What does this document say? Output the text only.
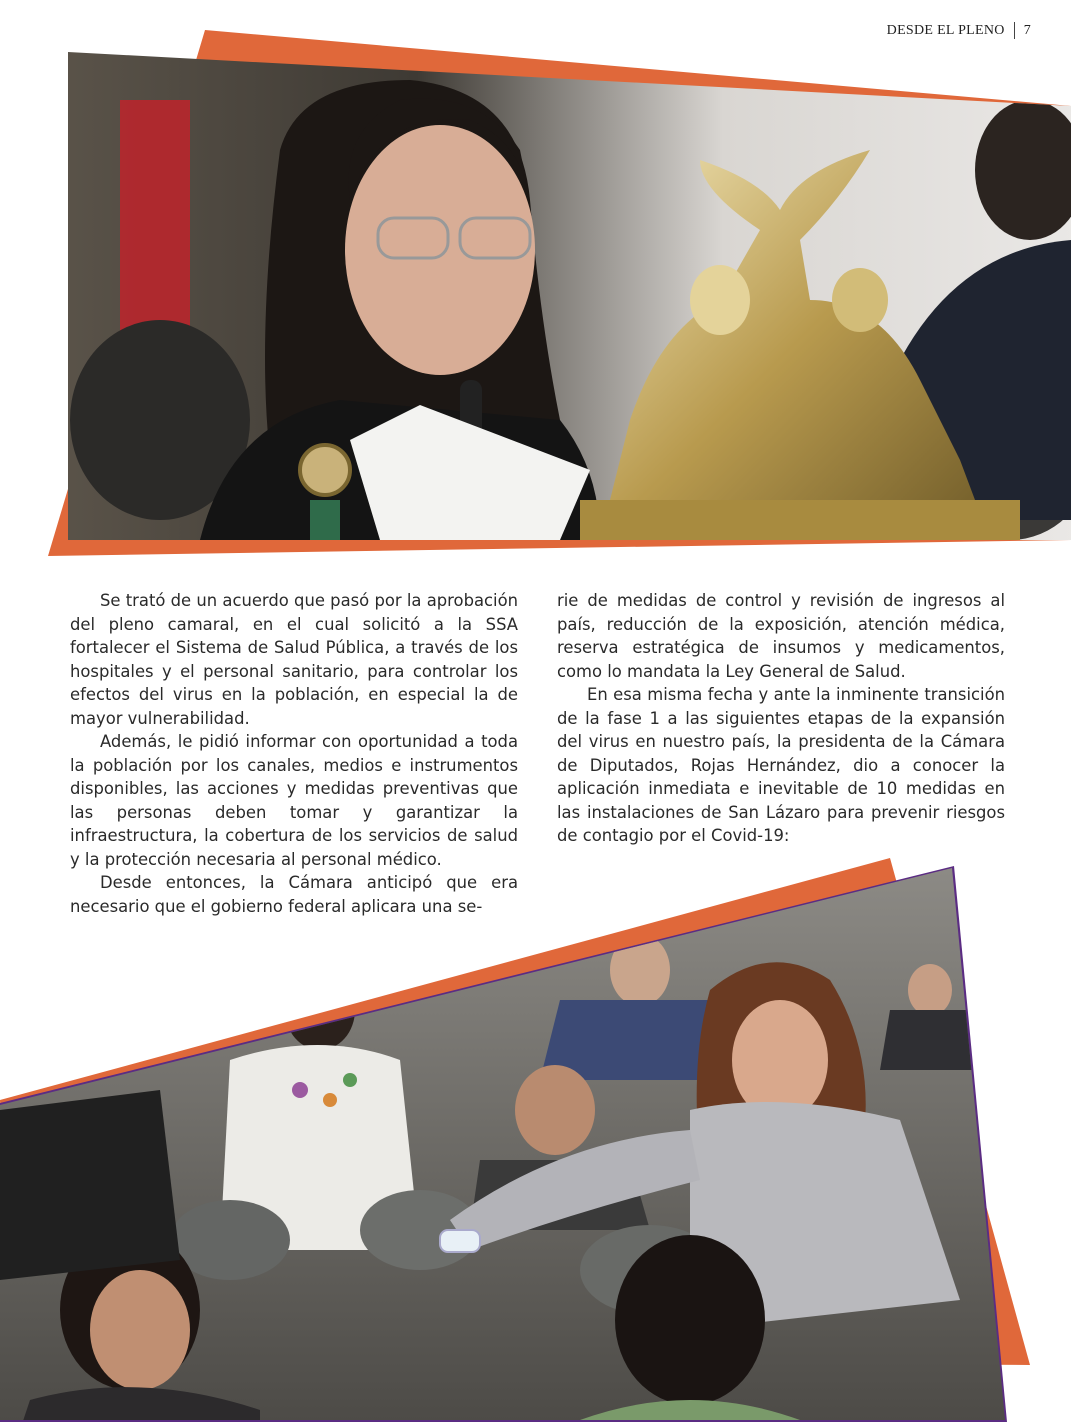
DESDE EL PLENO 7

Se trató de un acuerdo que pasó por la aprobación del pleno camaral, en el cual solicitó a la SSA fortalecer el Sistema de Salud Pública, a través de los hospitales y el personal sanitario, para controlar los efectos del virus en la población, en especial la de mayor vulnerabilidad.

Además, le pidió informar con oportunidad a toda la población por los canales, medios e instrumentos disponibles, las acciones y medidas preventivas que las personas deben tomar y garantizar la infraestructura, la cobertura de los servicios de salud y la protección necesaria al personal médico.

Desde entonces, la Cámara anticipó que era necesario que el gobierno federal aplicara una se-

rie de medidas de control y revisión de ingresos al país, reducción de la exposición, atención médica, reserva estratégica de insumos y medicamentos, como lo mandata la Ley General de Salud.

En esa misma fecha y ante la inminente transición de la fase 1 a las siguientes etapas de la expansión del virus en nuestro país, la presidenta de la Cámara de Diputados, Rojas Hernández, dio a conocer la aplicación inmediata e inevitable de 10 medidas en las instalaciones de San Lázaro para prevenir riesgos de contagio por el Covid-19:
